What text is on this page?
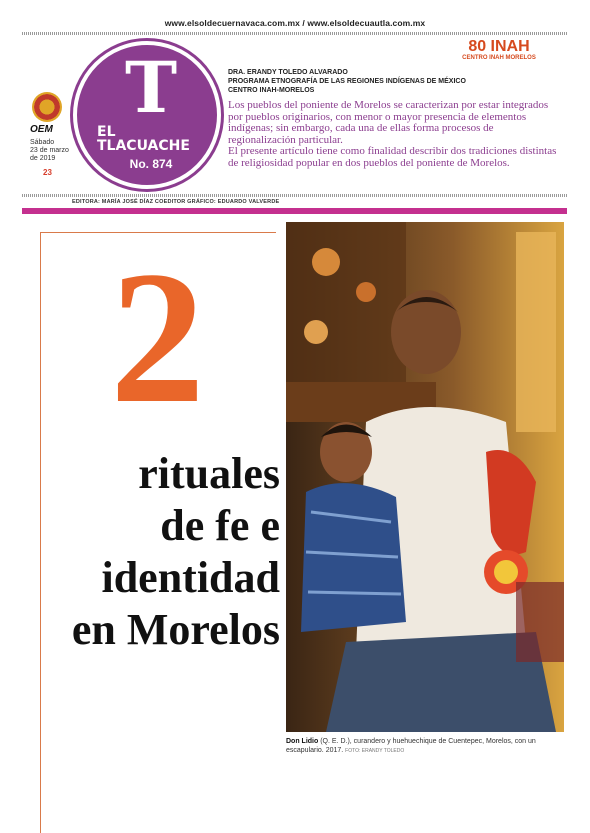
www.elsoldecuernavaca.com.mx / www.elsoldecuautla.com.mx
T
EL
TLACUACHE
No. 874
OEM
Sábado
23 de marzo
de 2019
23
80 INAH
CENTRO INAH MORELOS
DRA. ERANDY TOLEDO ALVARADO
PROGRAMA ETNOGRAFÍA DE LAS REGIONES INDÍGENAS DE MÉXICO
CENTRO INAH-MORELOS

Los pueblos del poniente de Morelos se caracterizan por estar integrados por pueblos originarios, con menor o mayor presencia de elementos indígenas; sin embargo, cada una de ellas forma procesos de regionalización particular.

El presente artículo tiene como finalidad describir dos tradiciones distintas de religiosidad popular en dos pueblos del poniente de Morelos.

EDITORA: MARÍA JOSÉ DÍAZ COEDITOR GRÁFICO: EDUARDO VALVERDE
2
rituales
de fe e
identidad
en Morelos
Don Lidio (Q. E. D.), curandero y huehuechique de Cuentepec, Morelos, con un escapulario. 2017. FOTO: ERANDY TOLEDO
